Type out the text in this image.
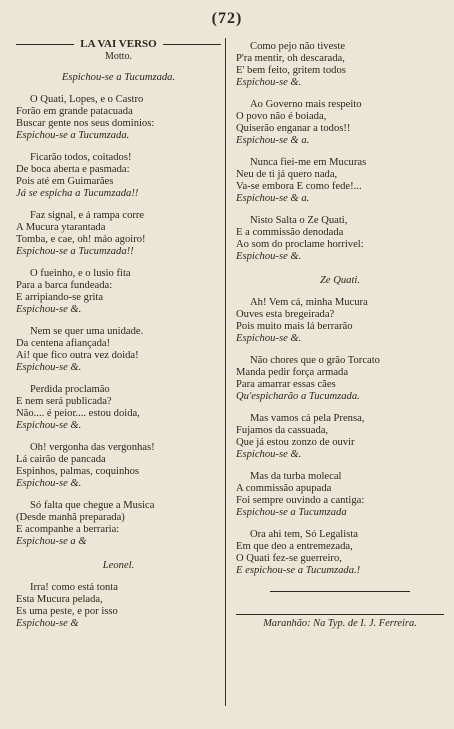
(72)
LA VAI VERSO
Motto.
Espichou-se a Tucumzada.
O Quati, Lopes, e o Castro
Forão em grande patacuada
Buscar gente nos seus dominios:
Espichou-se a Tucumzada.
Ficarão todos, coitados!
De boca aberta e pasmada:
Pois até em Guimarães
Já se espicha a Tucumzada!!
Faz signal, e á rampa corre
A Mucura ytarantada
Tomba, e cae, oh! máo agoiro!
Espichou-se a Tucumzada!!
O fueinho, e o lusio fita
Para a barca fundeada:
E arripiando-se grita
Espichou-se &.
Nem se quer uma unidade.
Da centena afiançada!
Ai! que fico outra vez doida!
Espichou-se &.
Perdida proclamão
E nem será publicada?
Não.... é peior.... estou doida,
Espichou-se &.
Oh! vergonha das vergonhas!
Lá cairão de pancada
Espinhos, palmas, coquinhos
Espichou-se &.
Só falta que chegue a Musica
(Desde manhã preparada)
E acompanhe a berraria:
Espichou-se a &
Leonel.
Irra! como está tonta
Esta Mucura pelada,
Es uma peste, e por isso
Espichou-se &
Como pejo não tiveste
P'ra mentir, oh descarada,
E' bem feito, gritem todos
Espichou-se &.
Ao Governo mais respeito
O povo não é boiada,
Quiserão enganar a todos!!
Espichou-se & a.
Nunca fiei-me em Mucuras
Neu de ti já quero nada,
Va-se embora E como fede!...
Espichou-se & a.
Nisto Salta o Ze Quati,
E a commissão denodada
Ao som do proclame horrivel:
Espichou-se &.
Ze Quati.
Ah! Vem cá, minha Mucura
Ouves esta bregeirada?
Pois muito mais lá berrarão
Espichou-se &.
Não chores que o grão Torcato
Manda pedir força armada
Para amarrar essas cães
Qu'espicharão a Tucumzada.
Mas vamos cá pela Prensa,
Fujamos da cassuada,
Que já estou zonzo de ouvir
Espichou-se &.
Mas da turba molecal
A commissão apupada
Foi sempre ouvindo a cantiga:
Espichou-se a Tucumzada
Ora ahi tem, Só Legalista
Em que deo a entremezada,
O Quati fez-se guerreiro,
E espichou-se a Tucumzada.!
Maranhão: Na Typ. de I. J. Ferreira.
